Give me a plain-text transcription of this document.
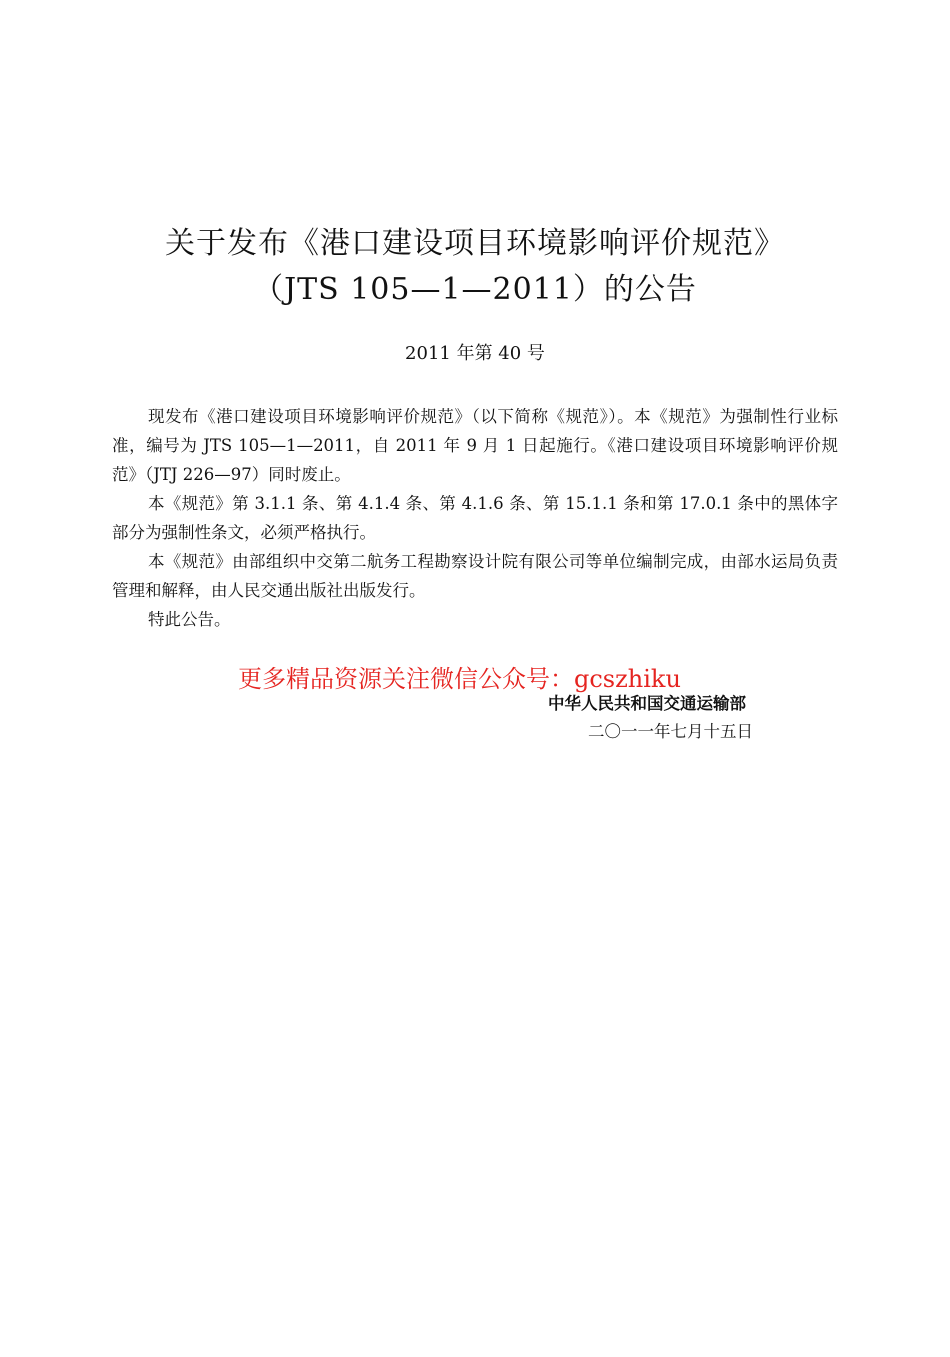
关于发布《港口建设项目环境影响评价规范》
（JTS 105—1—2011）的公告
2011 年第 40 号

现发布《港口建设项目环境影响评价规范》（以下简称《规范》）。本《规范》为强制性行业标准，编号为 JTS 105—1—2011，自 2011 年 9 月 1 日起施行。《港口建设项目环境影响评价规范》（JTJ 226—97）同时废止。

本《规范》第 3.1.1 条、第 4.1.4 条、第 4.1.6 条、第 15.1.1 条和第 17.0.1 条中的黑体字部分为强制性条文，必须严格执行。

本《规范》由部组织中交第二航务工程勘察设计院有限公司等单位编制完成，由部水运局负责管理和解释，由人民交通出版社出版发行。

特此公告。

更多精品资源关注微信公众号：gcszhiku
中华人民共和国交通运输部
二〇一一年七月十五日
